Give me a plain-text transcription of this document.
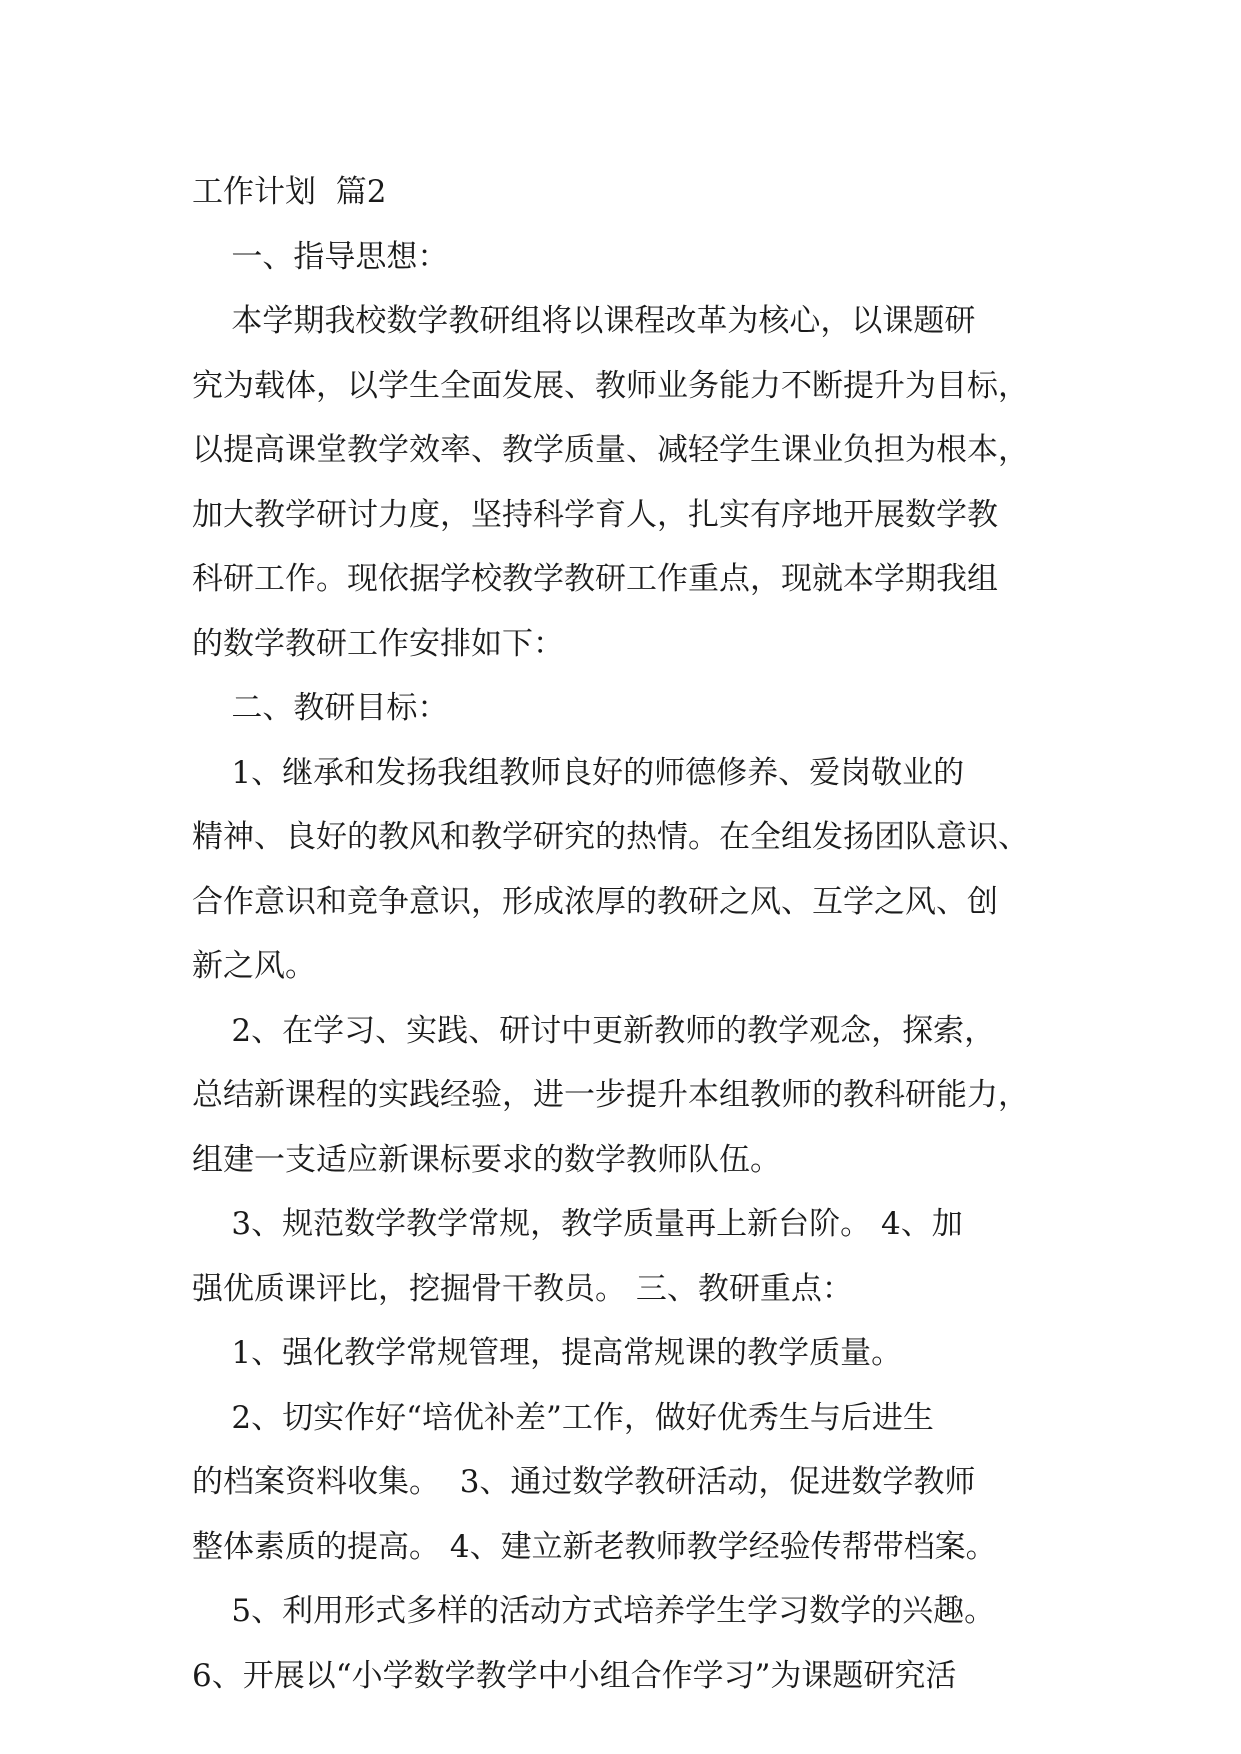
工作计划  篇2
一、指导思想：
本学期我校数学教研组将以课程改革为核心，以课题研
究为载体，以学生全面发展、教师业务能力不断提升为目标，
以提高课堂教学效率、教学质量、减轻学生课业负担为根本，
加大教学研讨力度，坚持科学育人，扎实有序地开展数学教
科研工作。现依据学校教学教研工作重点，现就本学期我组
的数学教研工作安排如下：
二、教研目标：
1、继承和发扬我组教师良好的师德修养、爱岗敬业的
精神、良好的教风和教学研究的热情。在全组发扬团队意识、
合作意识和竞争意识，形成浓厚的教研之风、互学之风、创
新之风。
2、在学习、实践、研讨中更新教师的教学观念，探索，
总结新课程的实践经验，进一步提升本组教师的教科研能力，
组建一支适应新课标要求的数学教师队伍。
3、规范数学教学常规，教学质量再上新台阶。 4、加
强优质课评比，挖掘骨干教员。 三、教研重点：
1、强化教学常规管理，提高常规课的教学质量。
2、切实作好“培优补差”工作，做好优秀生与后进生
的档案资料收集。  3、通过数学教研活动，促进数学教师
整体素质的提高。 4、建立新老教师教学经验传帮带档案。
5、利用形式多样的活动方式培养学生学习数学的兴趣。
6、开展以“小学数学教学中小组合作学习”为课题研究活
